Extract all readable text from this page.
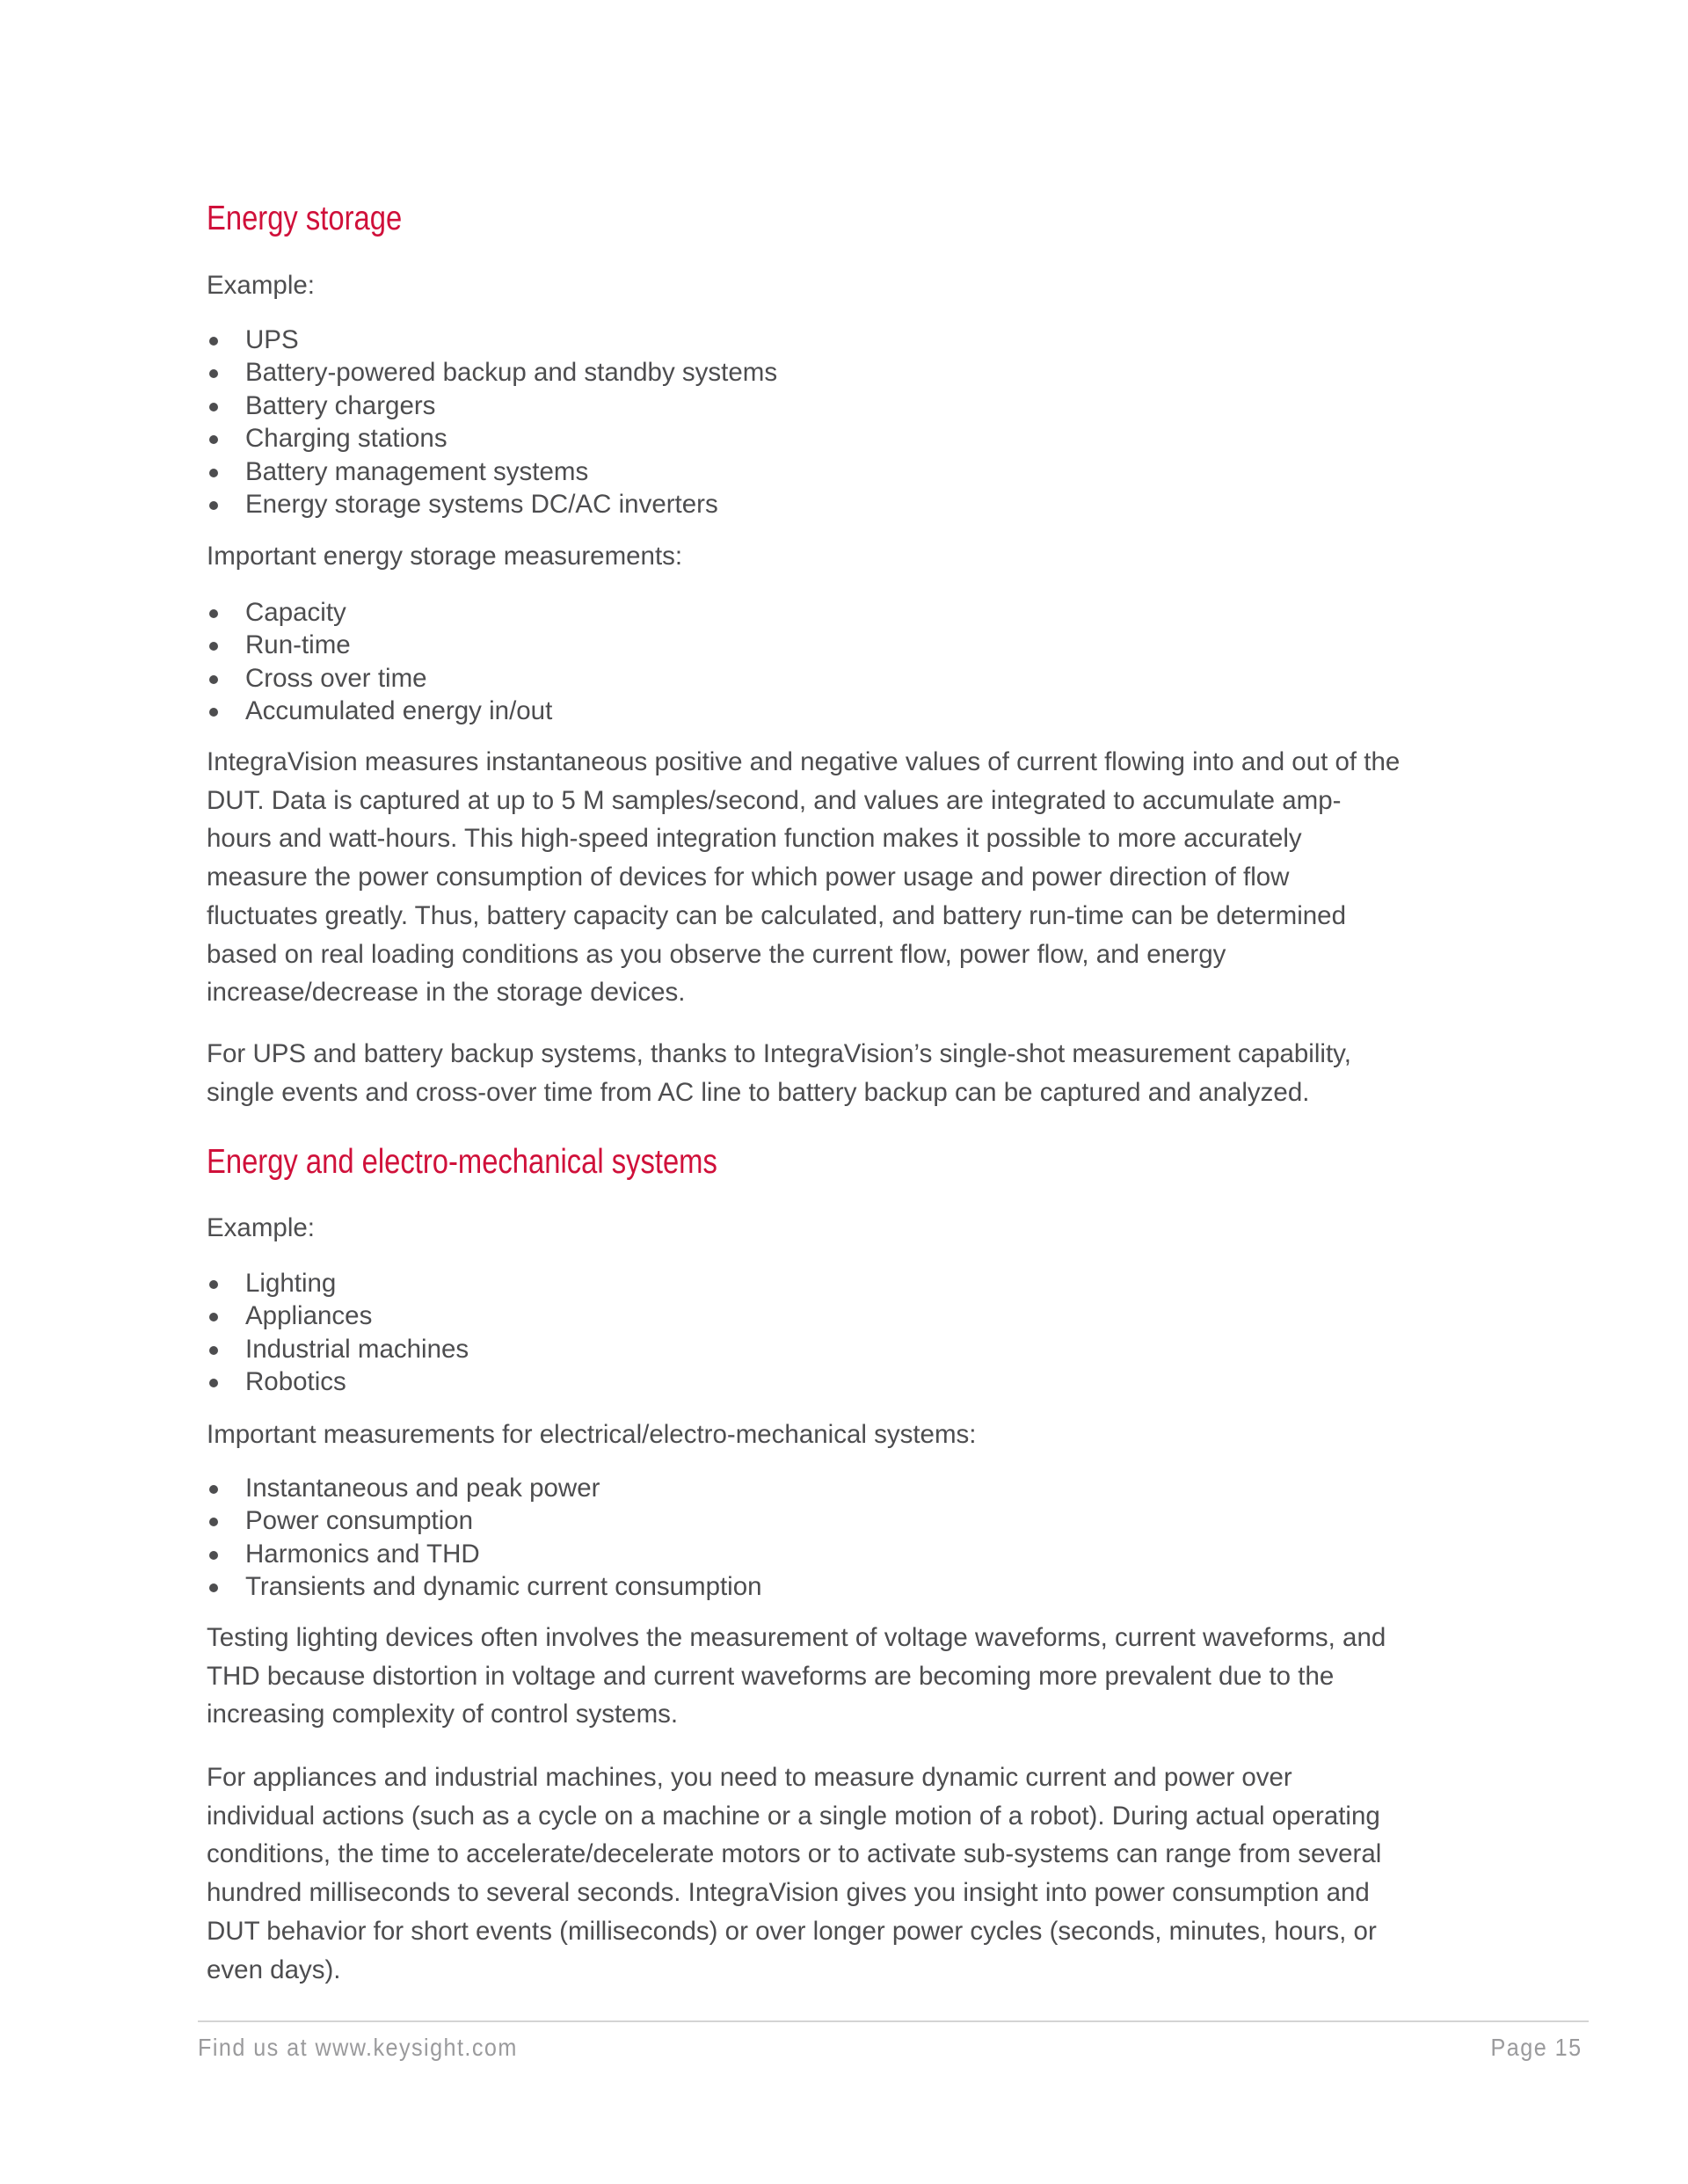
Energy storage

Example:

UPS
Battery-powered backup and standby systems
Battery chargers
Charging stations
Battery management systems
Energy storage systems DC/AC inverters

Important energy storage measurements:

Capacity
Run-time
Cross over time
Accumulated energy in/out
IntegraVision measures instantaneous positive and negative values of current flowing into and out of the
DUT. Data is captured at up to 5 M samples/second, and values are integrated to accumulate amp-
hours and watt-hours. This high-speed integration function makes it possible to more accurately
measure the power consumption of devices for which power usage and power direction of flow
fluctuates greatly. Thus, battery capacity can be calculated, and battery run-time can be determined
based on real loading conditions as you observe the current flow, power flow, and energy
increase/decrease in the storage devices.
For UPS and battery backup systems, thanks to IntegraVision’s single-shot measurement capability,
single events and cross-over time from AC line to battery backup can be captured and analyzed.
Energy and electro-mechanical systems

Example:

Lighting
Appliances
Industrial machines
Robotics

Important measurements for electrical/electro-mechanical systems:

Instantaneous and peak power
Power consumption
Harmonics and THD
Transients and dynamic current consumption
Testing lighting devices often involves the measurement of voltage waveforms, current waveforms, and
THD because distortion in voltage and current waveforms are becoming more prevalent due to the
increasing complexity of control systems.
For appliances and industrial machines, you need to measure dynamic current and power over
individual actions (such as a cycle on a machine or a single motion of a robot). During actual operating
conditions, the time to accelerate/decelerate motors or to activate sub-systems can range from several
hundred milliseconds to several seconds. IntegraVision gives you insight into power consumption and
DUT behavior for short events (milliseconds) or over longer power cycles (seconds, minutes, hours, or
even days).
Find us at www.keysight.com	Page 15
